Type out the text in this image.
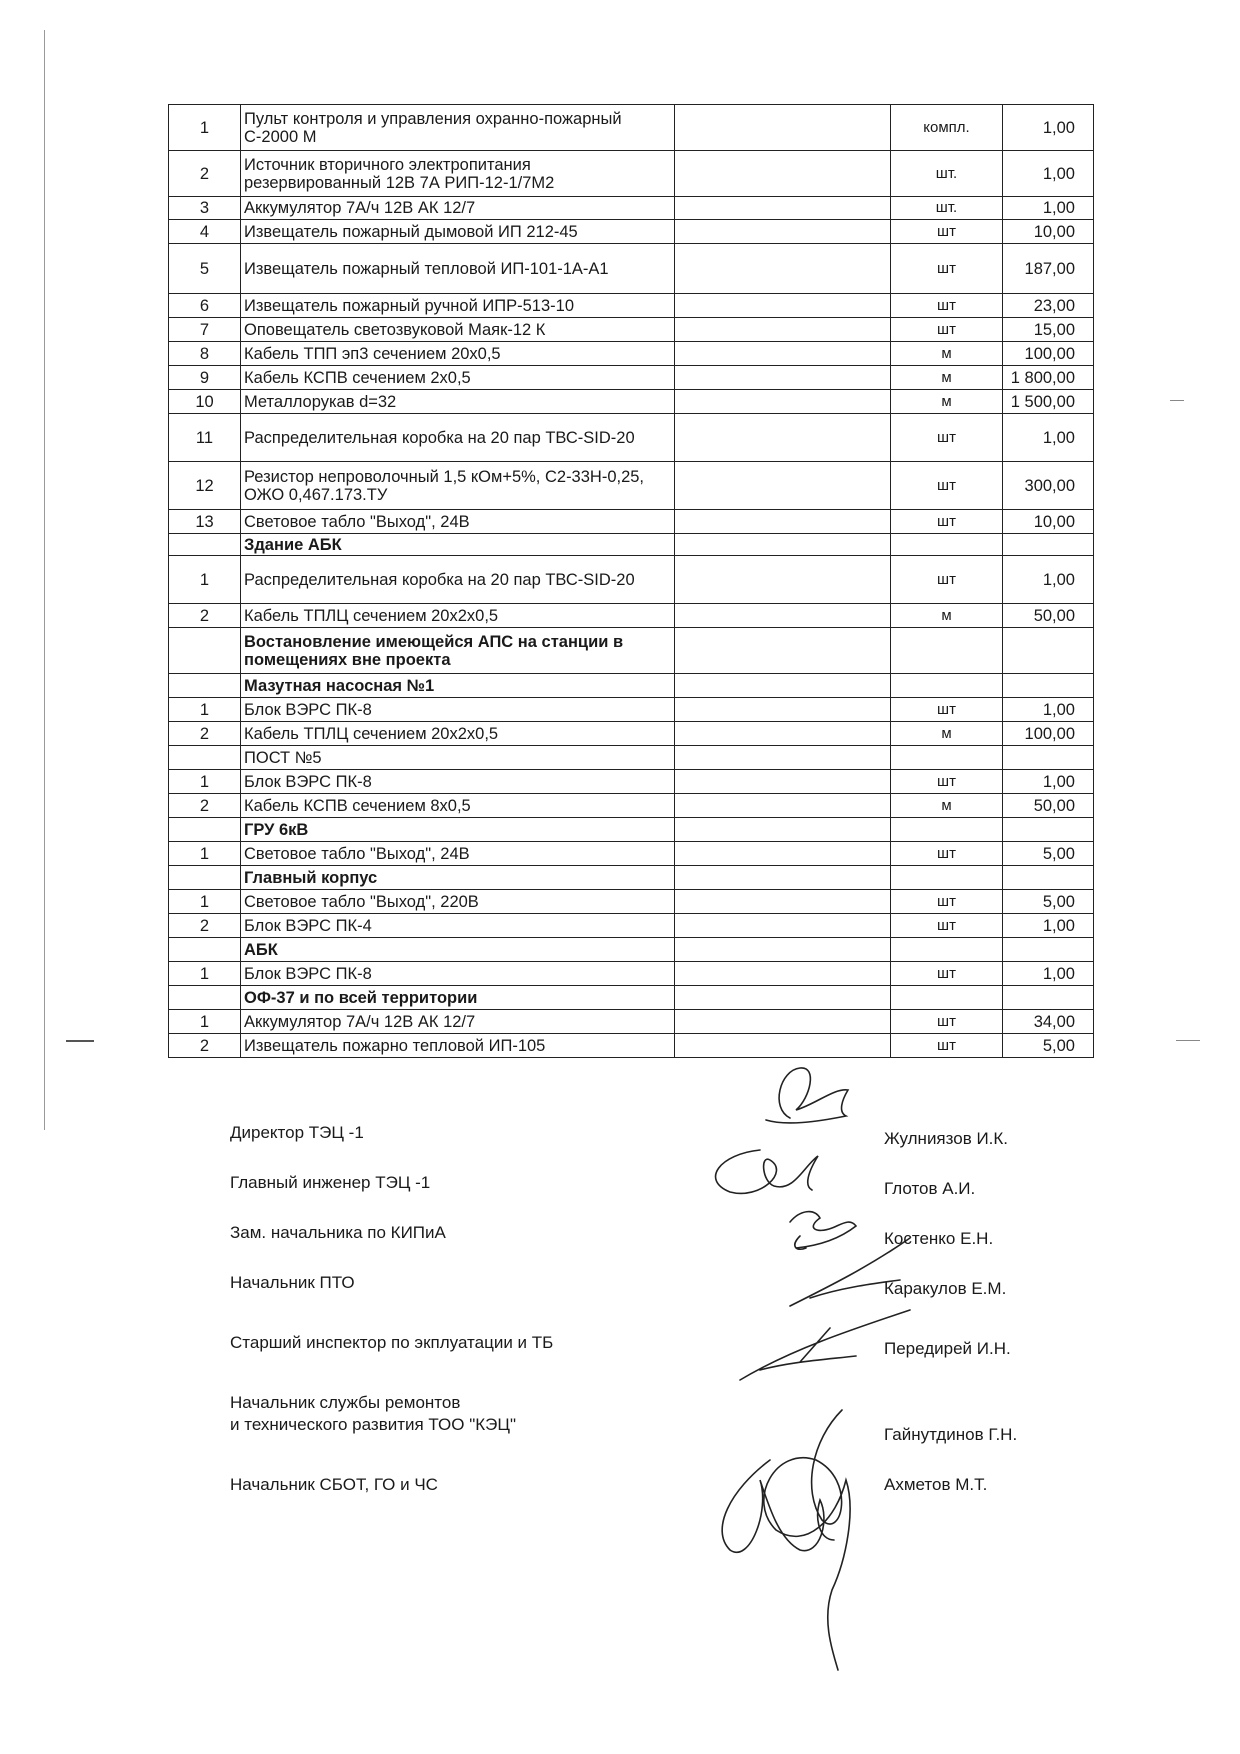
1	Пульт контроля и управления охранно-пожарный С-2000 М		компл.	1,00
2	Источник вторичного электропитания резервированный 12В 7А РИП-12-1/7М2		шт.	1,00
3	Аккумулятор 7А/ч 12В АК 12/7		шт.	1,00
4	Извещатель пожарный дымовой ИП 212-45		шт	10,00
5	Извещатель пожарный тепловой ИП-101-1А-А1		шт	187,00
6	Извещатель пожарный ручной ИПР-513-10		шт	23,00
7	Оповещатель светозвуковой Маяк-12 К		шт	15,00
8	Кабель ТПП эп3 сечением 20х0,5		м	100,00
9	Кабель КСПВ сечением 2х0,5		м	1 800,00
10	Металлорукав d=32		м	1 500,00
11	Распределительная коробка на 20 пар ТВС-SID-20		шт	1,00
12	Резистор непроволочный 1,5 кОм+5%, С2-33Н-0,25, ОЖО 0,467.173.ТУ		шт	300,00
13	Световое табло "Выход", 24В		шт	10,00
	Здание АБК			
1	Распределительная коробка на 20 пар ТВС-SID-20		шт	1,00
2	Кабель ТПЛЦ сечением 20х2х0,5		м	50,00
	Востановление имеющейся АПС на станции в помещениях вне проекта			
	Мазутная насосная №1			
1	Блок ВЭРС ПК-8		шт	1,00
2	Кабель ТПЛЦ сечением 20х2х0,5		м	100,00
	ПОСТ №5			
1	Блок ВЭРС ПК-8		шт	1,00
2	Кабель КСПВ сечением 8х0,5		м	50,00
	ГРУ 6кВ			
1	Световое табло "Выход", 24В		шт	5,00
	Главный корпус			
1	Световое табло "Выход", 220В		шт	5,00
2	Блок ВЭРС ПК-4		шт	1,00
	АБК			
1	Блок ВЭРС ПК-8		шт	1,00
	ОФ-37 и по всей территории			
1	Аккумулятор 7А/ч 12В АК 12/7		шт	34,00
2	Извещатель пожарно тепловой ИП-105		шт	5,00
Директор ТЭЦ -1	Жулниязов И.К.
Главный инженер ТЭЦ -1	Глотов А.И.
Зам. начальника по КИПиА	Костенко Е.Н.
Начальник ПТО	Каракулов Е.М.
Старший инспектор по экплуатации и ТБ	Передирей И.Н.
Начальник службы ремонтов
и технического развития ТОО "КЭЦ"
Гайнутдинов Г.Н.
Начальник СБОТ, ГО и ЧС	Ахметов М.Т.
